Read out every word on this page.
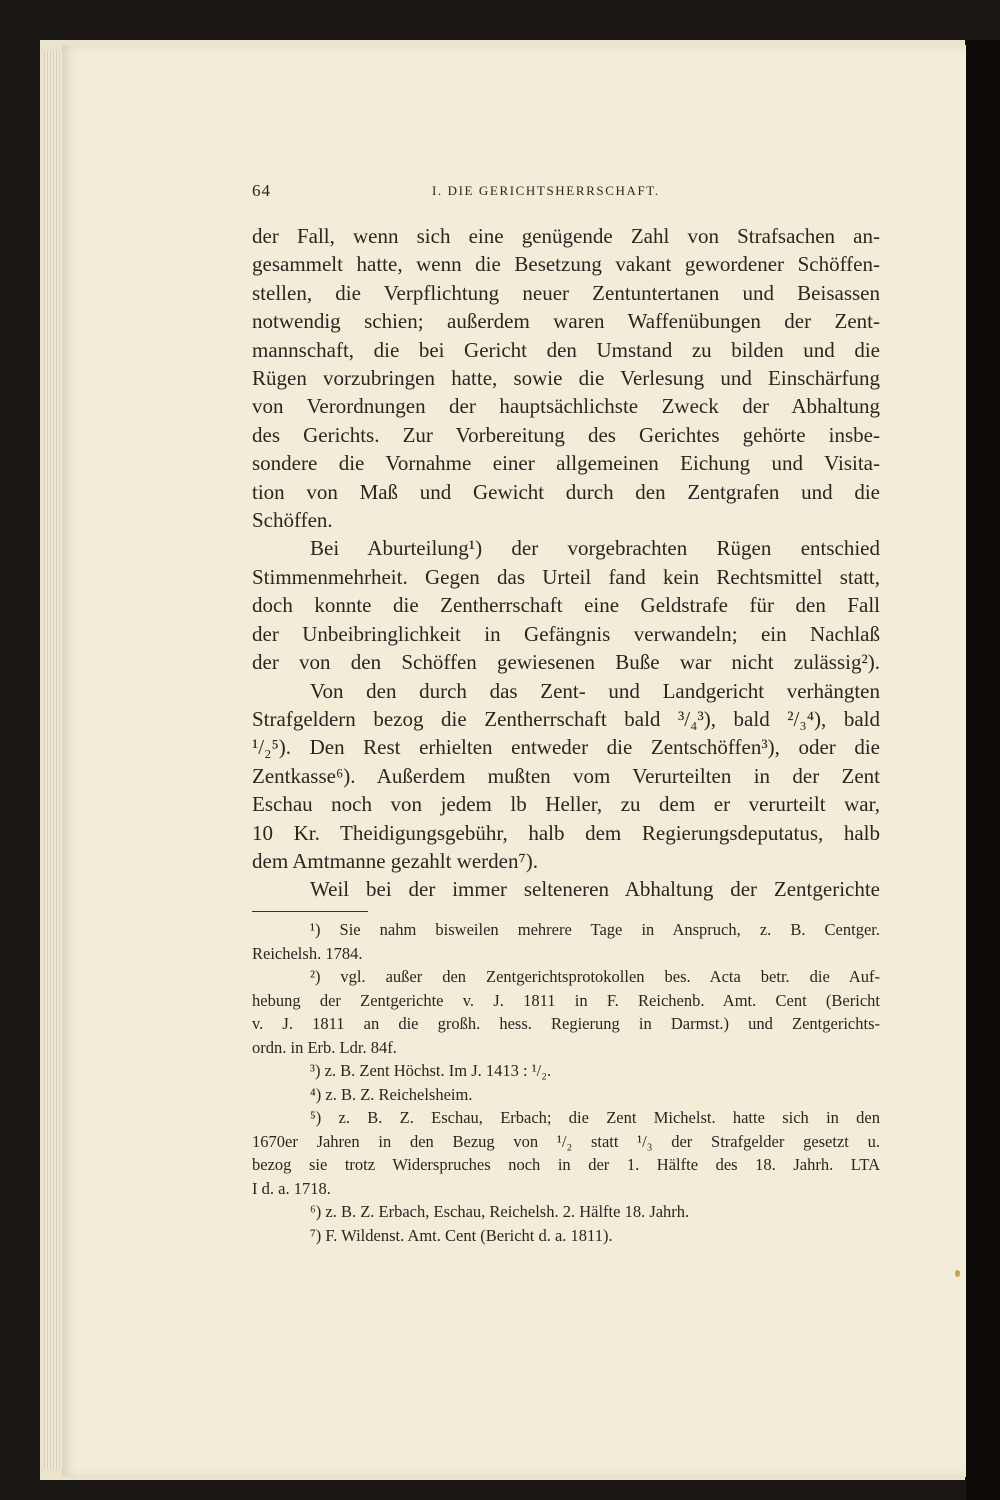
64	I. DIE GERICHTSHERRSCHAFT.

der Fall, wenn sich eine genügende Zahl von Strafsachen an-
gesammelt hatte, wenn die Besetzung vakant gewordener Schöffen-
stellen, die Verpflichtung neuer Zentuntertanen und Beisassen
notwendig schien; außerdem waren Waffenübungen der Zent-
mannschaft, die bei Gericht den Umstand zu bilden und die
Rügen vorzubringen hatte, sowie die Verlesung und Einschärfung
von Verordnungen der hauptsächlichste Zweck der Abhaltung
des Gerichts. Zur Vorbereitung des Gerichtes gehörte insbe-
sondere die Vornahme einer allgemeinen Eichung und Visita-
tion von Maß und Gewicht durch den Zentgrafen und die
Schöffen.

Bei Aburteilung¹) der vorgebrachten Rügen entschied
Stimmenmehrheit. Gegen das Urteil fand kein Rechtsmittel statt,
doch konnte die Zentherrschaft eine Geldstrafe für den Fall
der Unbeibringlichkeit in Gefängnis verwandeln; ein Nachlaß
der von den Schöffen gewiesenen Buße war nicht zulässig²).

Von den durch das Zent- und Landgericht verhängten
Strafgeldern bezog die Zentherrschaft bald ³/₄³), bald ²/₃⁴), bald
¹/₂⁵). Den Rest erhielten entweder die Zentschöffen³), oder die
Zentkasse⁶). Außerdem mußten vom Verurteilten in der Zent
Eschau noch von jedem lb Heller, zu dem er verurteilt war,
10 Kr. Theidigungsgebühr, halb dem Regierungsdeputatus, halb
dem Amtmanne gezahlt werden⁷).

Weil bei der immer selteneren Abhaltung der Zentgerichte

¹) Sie nahm bisweilen mehrere Tage in Anspruch, z. B. Centger.
Reichelsh. 1784.
²) vgl. außer den Zentgerichtsprotokollen bes. Acta betr. die Auf-
hebung der Zentgerichte v. J. 1811 in F. Reichenb. Amt. Cent (Bericht
v. J. 1811 an die großh. hess. Regierung in Darmst.) und Zentgerichts-
ordn. in Erb. Ldr. 84f.
³) z. B. Zent Höchst. Im J. 1413 : ¹/₂.
⁴) z. B. Z. Reichelsheim.
⁵) z. B. Z. Eschau, Erbach; die Zent Michelst. hatte sich in den
1670er Jahren in den Bezug von ¹/₂ statt ¹/₃ der Strafgelder gesetzt u.
bezog sie trotz Widerspruches noch in der 1. Hälfte des 18. Jahrh. LTA
I d. a. 1718.
⁶) z. B. Z. Erbach, Eschau, Reichelsh. 2. Hälfte 18. Jahrh.
⁷) F. Wildenst. Amt. Cent (Bericht d. a. 1811).
